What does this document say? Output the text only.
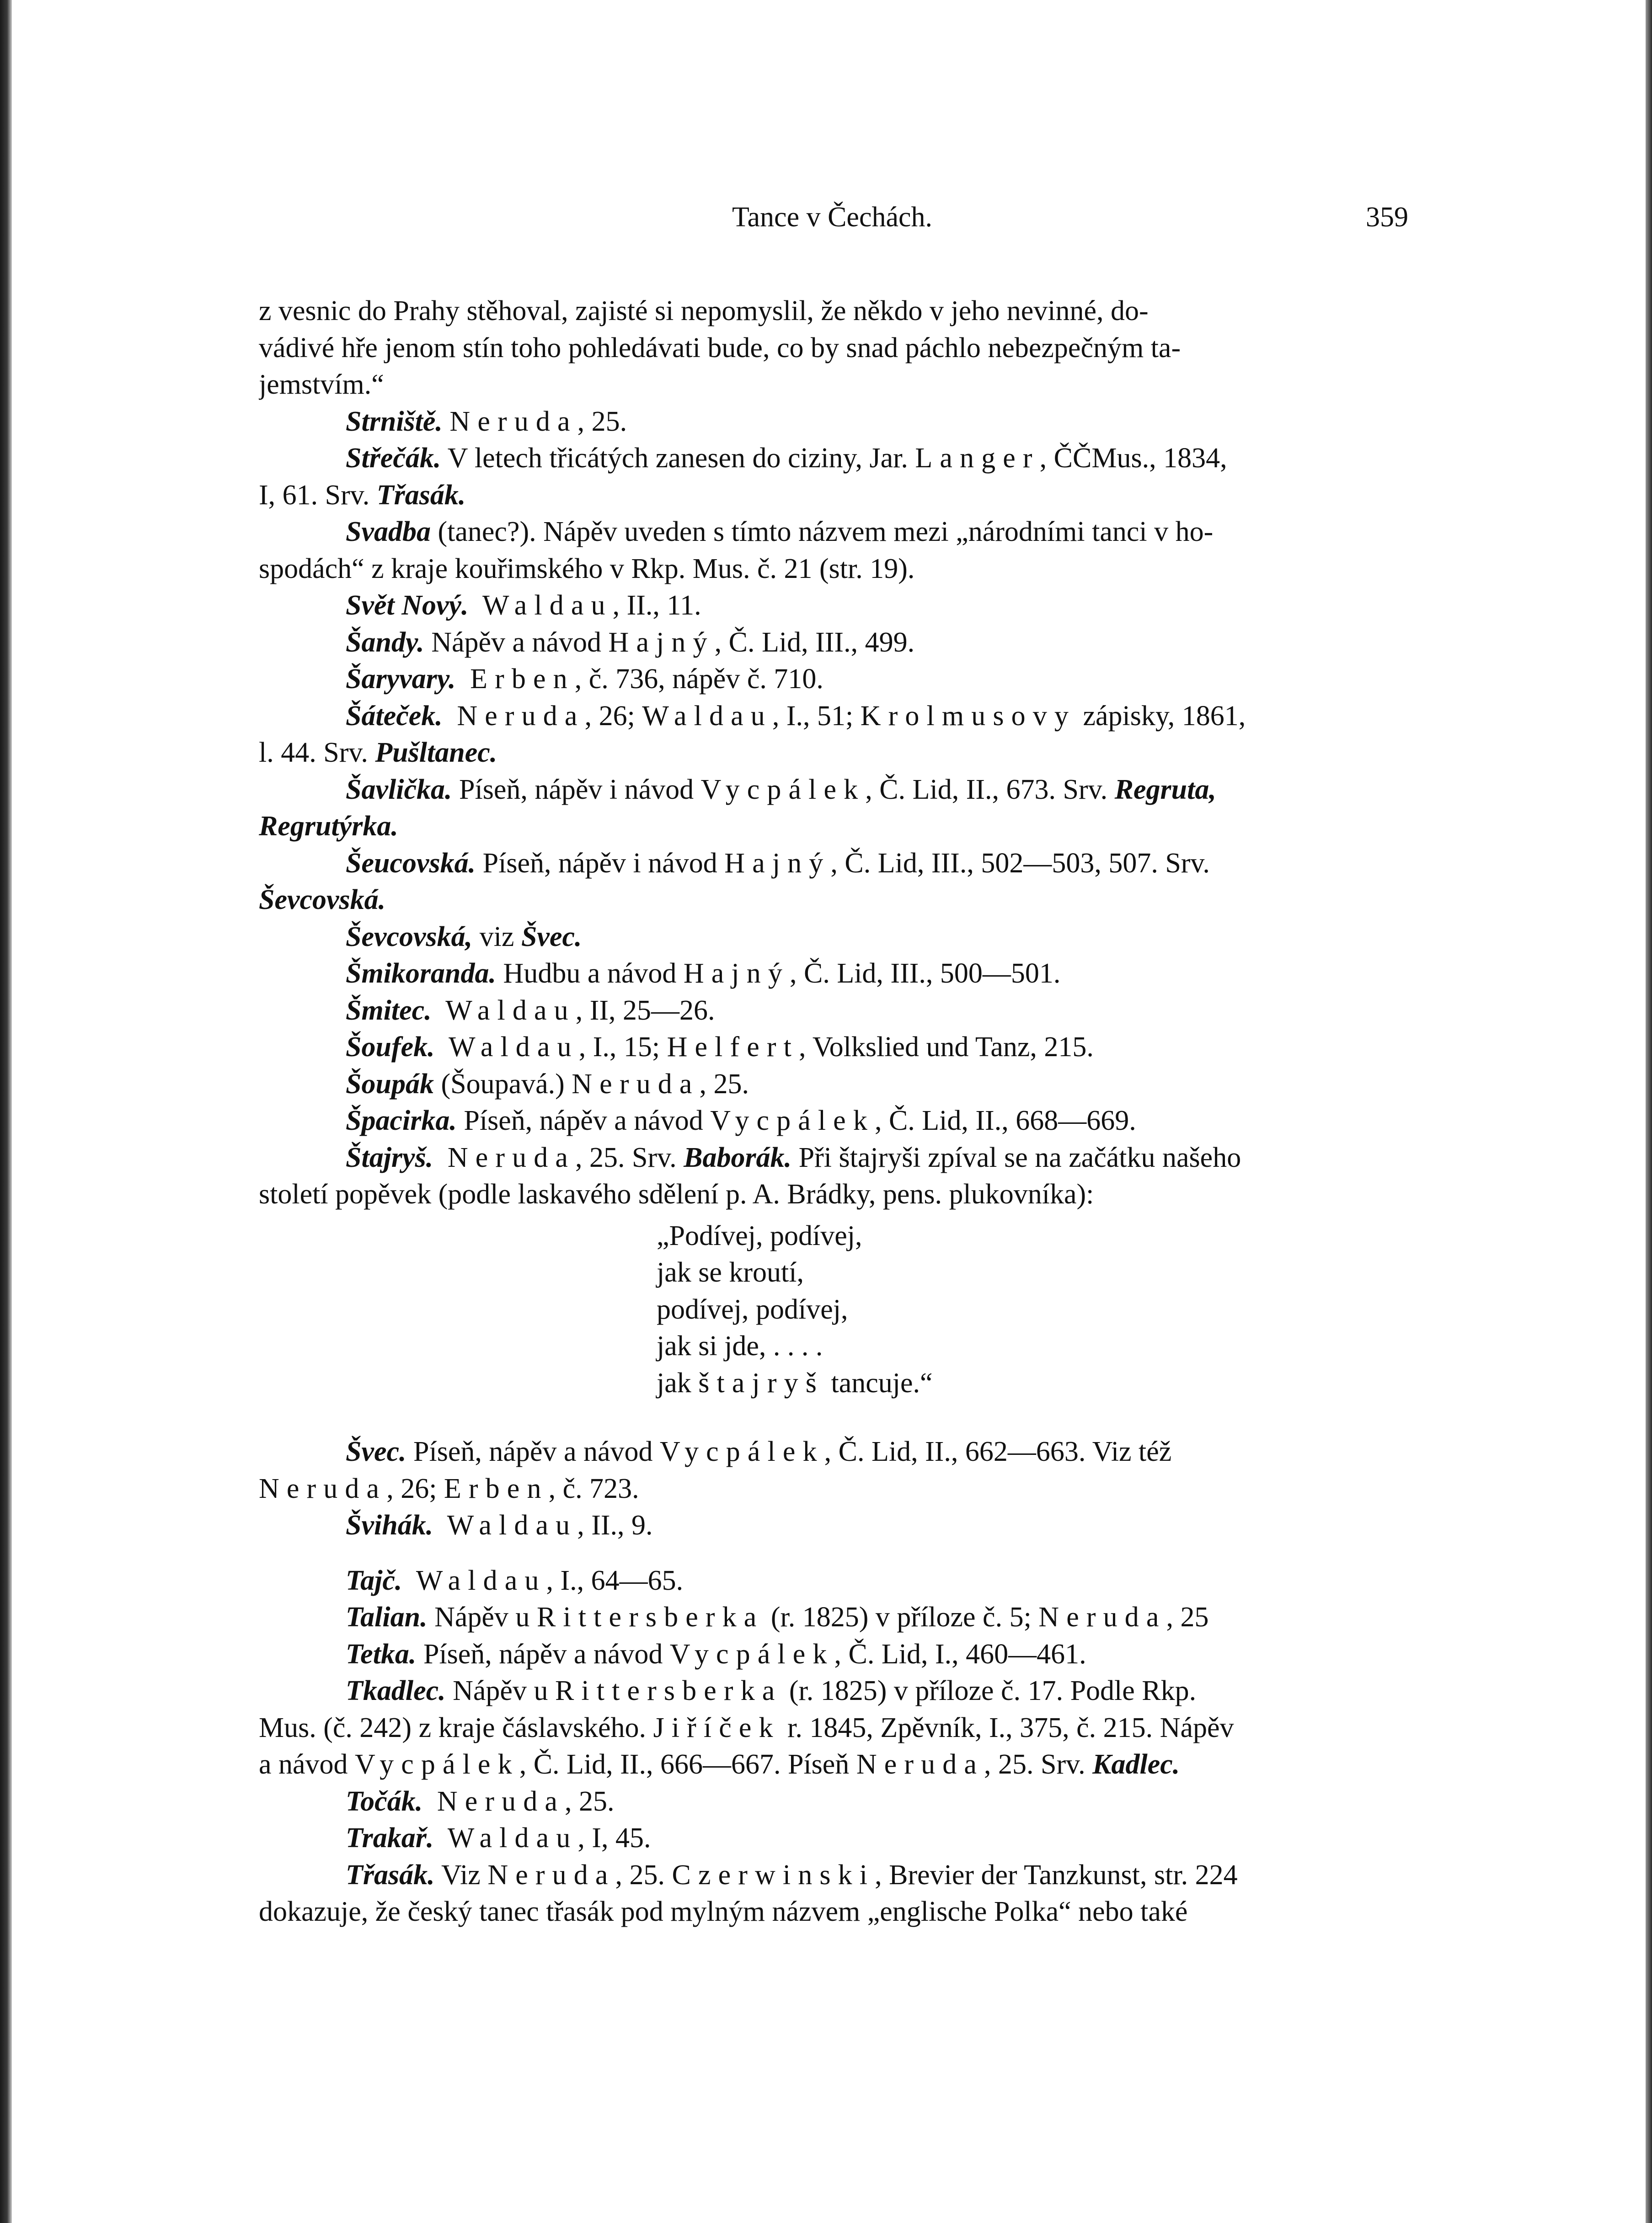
Tance v Čechách.	359

z vesnic do Prahy stěhoval, zajisté si nepomyslil, že někdo v jeho nevinné, do-

vádivé hře jenom stín toho pohledávati bude, co by snad páchlo nebezpečným ta-

jemstvím.“

Strniště. Neruda, 25.

Střečák. V letech třicátých zanesen do ciziny, Jar. Langer, ČČMus., 1834,

I, 61. Srv. Třasák.

Svadba (tanec?). Nápěv uveden s tímto názvem mezi „národními tanci v ho-

spodách“ z kraje kouřimského v Rkp. Mus. č. 21 (str. 19).

Svět Nový. Waldau, II., 11.

Šandy. Nápěv a návod Hajný, Č. Lid, III., 499.

Šaryvary. Erben, č. 736, nápěv č. 710.

Šáteček. Neruda, 26; Waldau, I., 51; Krolmusovy zápisky, 1861,

l. 44. Srv. Pušltanec.

Šavlička. Píseň, nápěv i návod Vycpálek, Č. Lid, II., 673. Srv. Regruta,

Regrutýrka.

Šeucovská. Píseň, nápěv i návod Hajný, Č. Lid, III., 502—503, 507. Srv.

Ševcovská.

Ševcovská, viz Švec.

Šmikoranda. Hudbu a návod Hajný, Č. Lid, III., 500—501.

Šmitec. Waldau, II, 25—26.

Šoufek. Waldau, I., 15; Helfert, Volkslied und Tanz, 215.

Šoupák (Šoupavá.) Neruda, 25.

Špacirka. Píseň, nápěv a návod Vycpálek, Č. Lid, II., 668—669.

Štajryš. Neruda, 25. Srv. Baborák. Při štajryši zpíval se na začátku našeho

století popěvek (podle laskavého sdělení p. A. Brádky, pens. plukovníka):

„Podívej, podívej,
jak se kroutí,
podívej, podívej,
jak si jde, . . . .
jak štajryš tancuje.“

Švec. Píseň, nápěv a návod Vycpálek, Č. Lid, II., 662—663. Viz též

Neruda, 26; Erben, č. 723.

Švihák. Waldau, II., 9.

Tajč. Waldau, I., 64—65.

Talian. Nápěv u Rittersberka (r. 1825) v příloze č. 5; Neruda, 25

Tetka. Píseň, nápěv a návod Vycpálek, Č. Lid, I., 460—461.

Tkadlec. Nápěv u Rittersberka (r. 1825) v příloze č. 17. Podle Rkp.

Mus. (č. 242) z kraje čáslavského. Jiříček r. 1845, Zpěvník, I., 375, č. 215. Nápěv

a návod Vycpálek, Č. Lid, II., 666—667. Píseň Neruda, 25. Srv. Kadlec.

Točák. Neruda, 25.

Trakař. Waldau, I, 45.

Třasák. Viz Neruda, 25. Czerwinski, Brevier der Tanzkunst, str. 224

dokazuje, že český tanec třasák pod mylným názvem „englische Polka“ nebo také
